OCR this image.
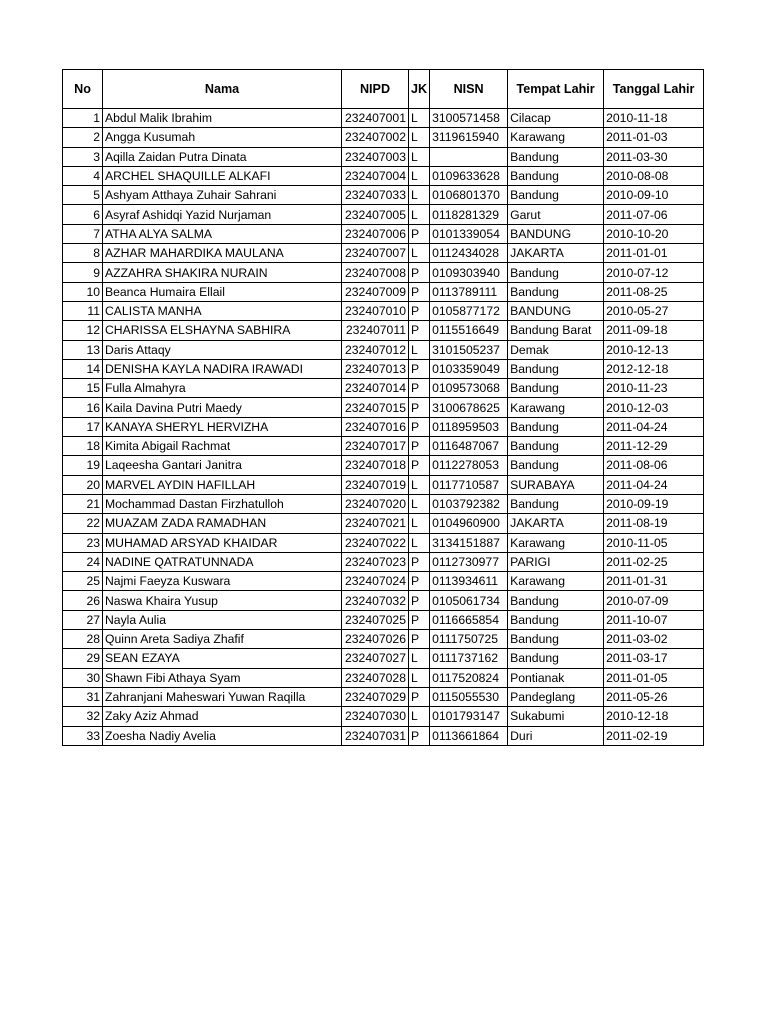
No	Nama	NIPD	JK	NISN	Tempat Lahir	Tanggal Lahir
1	Abdul Malik Ibrahim	232407001	L	3100571458	Cilacap	2010-11-18
2	Angga Kusumah	232407002	L	3119615940	Karawang	2011-01-03
3	Aqilla Zaidan Putra Dinata	232407003	L		Bandung	2011-03-30
4	ARCHEL SHAQUILLE ALKAFI	232407004	L	0109633628	Bandung	2010-08-08
5	Ashyam Atthaya Zuhair Sahrani	232407033	L	0106801370	Bandung	2010-09-10
6	Asyraf Ashidqi Yazid Nurjaman	232407005	L	0118281329	Garut	2011-07-06
7	ATHA ALYA SALMA	232407006	P	0101339054	BANDUNG	2010-10-20
8	AZHAR MAHARDIKA MAULANA	232407007	L	0112434028	JAKARTA	2011-01-01
9	AZZAHRA SHAKIRA NURAIN	232407008	P	0109303940	Bandung	2010-07-12
10	Beanca Humaira Ellail	232407009	P	0113789111	Bandung	2011-08-25
11	CALISTA MANHA	232407010	P	0105877172	BANDUNG	2010-05-27
12	CHARISSA ELSHAYNA SABHIRA	232407011	P	0115516649	Bandung Barat	2011-09-18
13	Daris Attaqy	232407012	L	3101505237	Demak	2010-12-13
14	DENISHA KAYLA NADIRA IRAWADI	232407013	P	0103359049	Bandung	2012-12-18
15	Fulla Almahyra	232407014	P	0109573068	Bandung	2010-11-23
16	Kaila Davina Putri Maedy	232407015	P	3100678625	Karawang	2010-12-03
17	KANAYA SHERYL HERVIZHA	232407016	P	0118959503	Bandung	2011-04-24
18	Kimita Abigail Rachmat	232407017	P	0116487067	Bandung	2011-12-29
19	Laqeesha Gantari Janitra	232407018	P	0112278053	Bandung	2011-08-06
20	MARVEL AYDIN HAFILLAH	232407019	L	0117710587	SURABAYA	2011-04-24
21	Mochammad Dastan Firzhatulloh	232407020	L	0103792382	Bandung	2010-09-19
22	MUAZAM ZADA RAMADHAN	232407021	L	0104960900	JAKARTA	2011-08-19
23	MUHAMAD ARSYAD KHAIDAR	232407022	L	3134151887	Karawang	2010-11-05
24	NADINE QATRATUNNADA	232407023	P	0112730977	PARIGI	2011-02-25
25	Najmi Faeyza Kuswara	232407024	P	0113934611	Karawang	2011-01-31
26	Naswa Khaira Yusup	232407032	P	0105061734	Bandung	2010-07-09
27	Nayla Aulia	232407025	P	0116665854	Bandung	2011-10-07
28	Quinn Areta Sadiya Zhafif	232407026	P	0111750725	Bandung	2011-03-02
29	SEAN EZAYA	232407027	L	0111737162	Bandung	2011-03-17
30	Shawn Fibi Athaya Syam	232407028	L	0117520824	Pontianak	2011-01-05
31	Zahranjani Maheswari Yuwan Raqilla	232407029	P	0115055530	Pandeglang	2011-05-26
32	Zaky Aziz Ahmad	232407030	L	0101793147	Sukabumi	2010-12-18
33	Zoesha Nadiy Avelia	232407031	P	0113661864	Duri	2011-02-19
